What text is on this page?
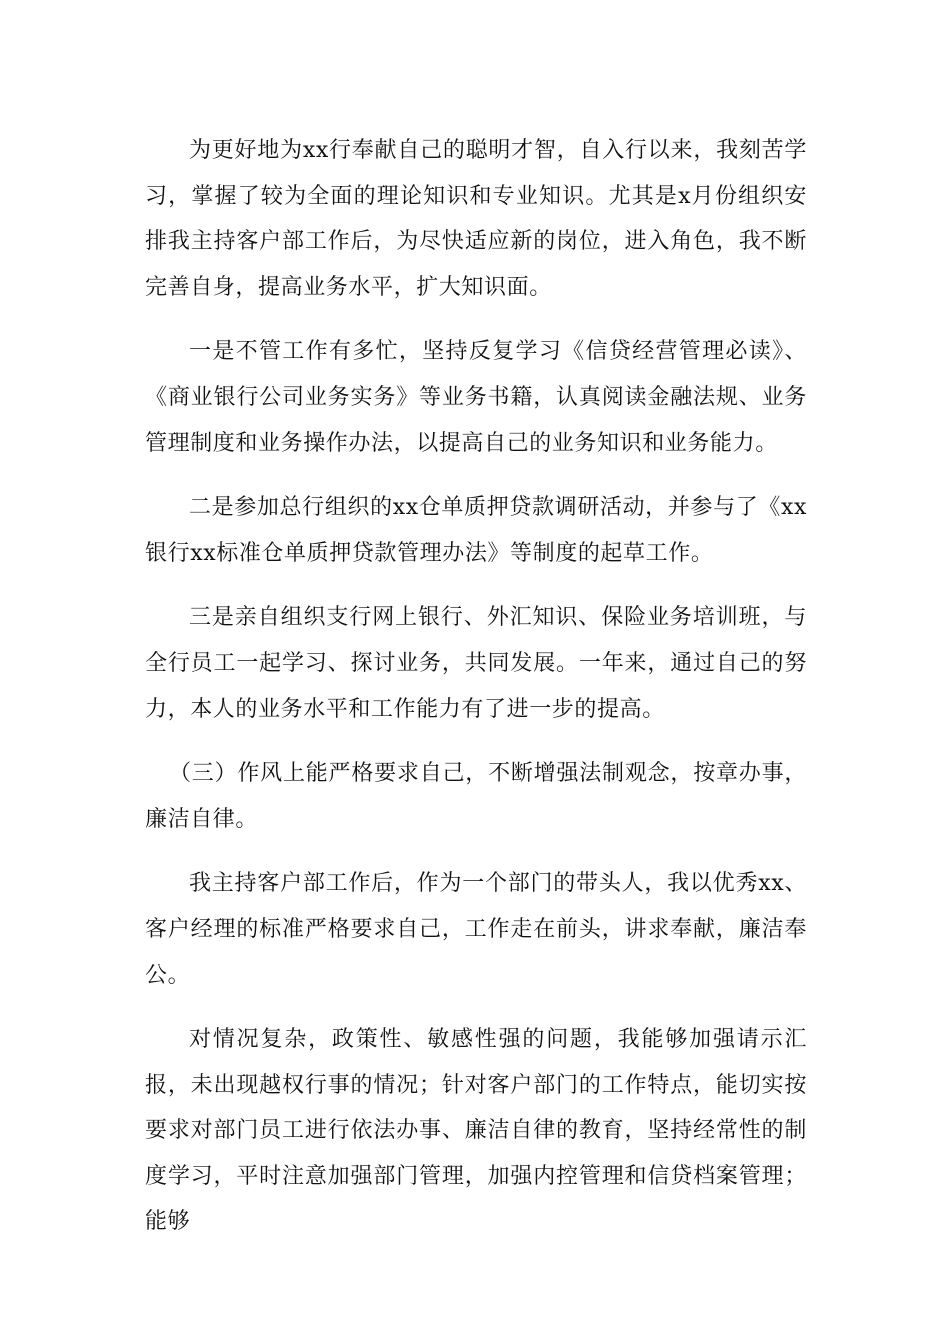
为更好地为xx行奉献自己的聪明才智，自入行以来，我刻苦学习，掌握了较为全面的理论知识和专业知识。尤其是x月份组织安排我主持客户部工作后，为尽快适应新的岗位，进入角色，我不断完善自身，提高业务水平，扩大知识面。

一是不管工作有多忙，坚持反复学习《信贷经营管理必读》、《商业银行公司业务实务》等业务书籍，认真阅读金融法规、业务管理制度和业务操作办法，以提高自己的业务知识和业务能力。

二是参加总行组织的xx仓单质押贷款调研活动，并参与了《xx银行xx标准仓单质押贷款管理办法》等制度的起草工作。

三是亲自组织支行网上银行、外汇知识、保险业务培训班，与全行员工一起学习、探讨业务，共同发展。一年来，通过自己的努力，本人的业务水平和工作能力有了进一步的提高。

（三）作风上能严格要求自己，不断增强法制观念，按章办事，廉洁自律。

我主持客户部工作后，作为一个部门的带头人，我以优秀xx、客户经理的标准严格要求自己，工作走在前头，讲求奉献，廉洁奉公。

对情况复杂，政策性、敏感性强的问题，我能够加强请示汇报，未出现越权行事的情况；针对客户部门的工作特点，能切实按要求对部门员工进行依法办事、廉洁自律的教育，坚持经常性的制度学习，平时注意加强部门管理，加强内控管理和信贷档案管理；能够
